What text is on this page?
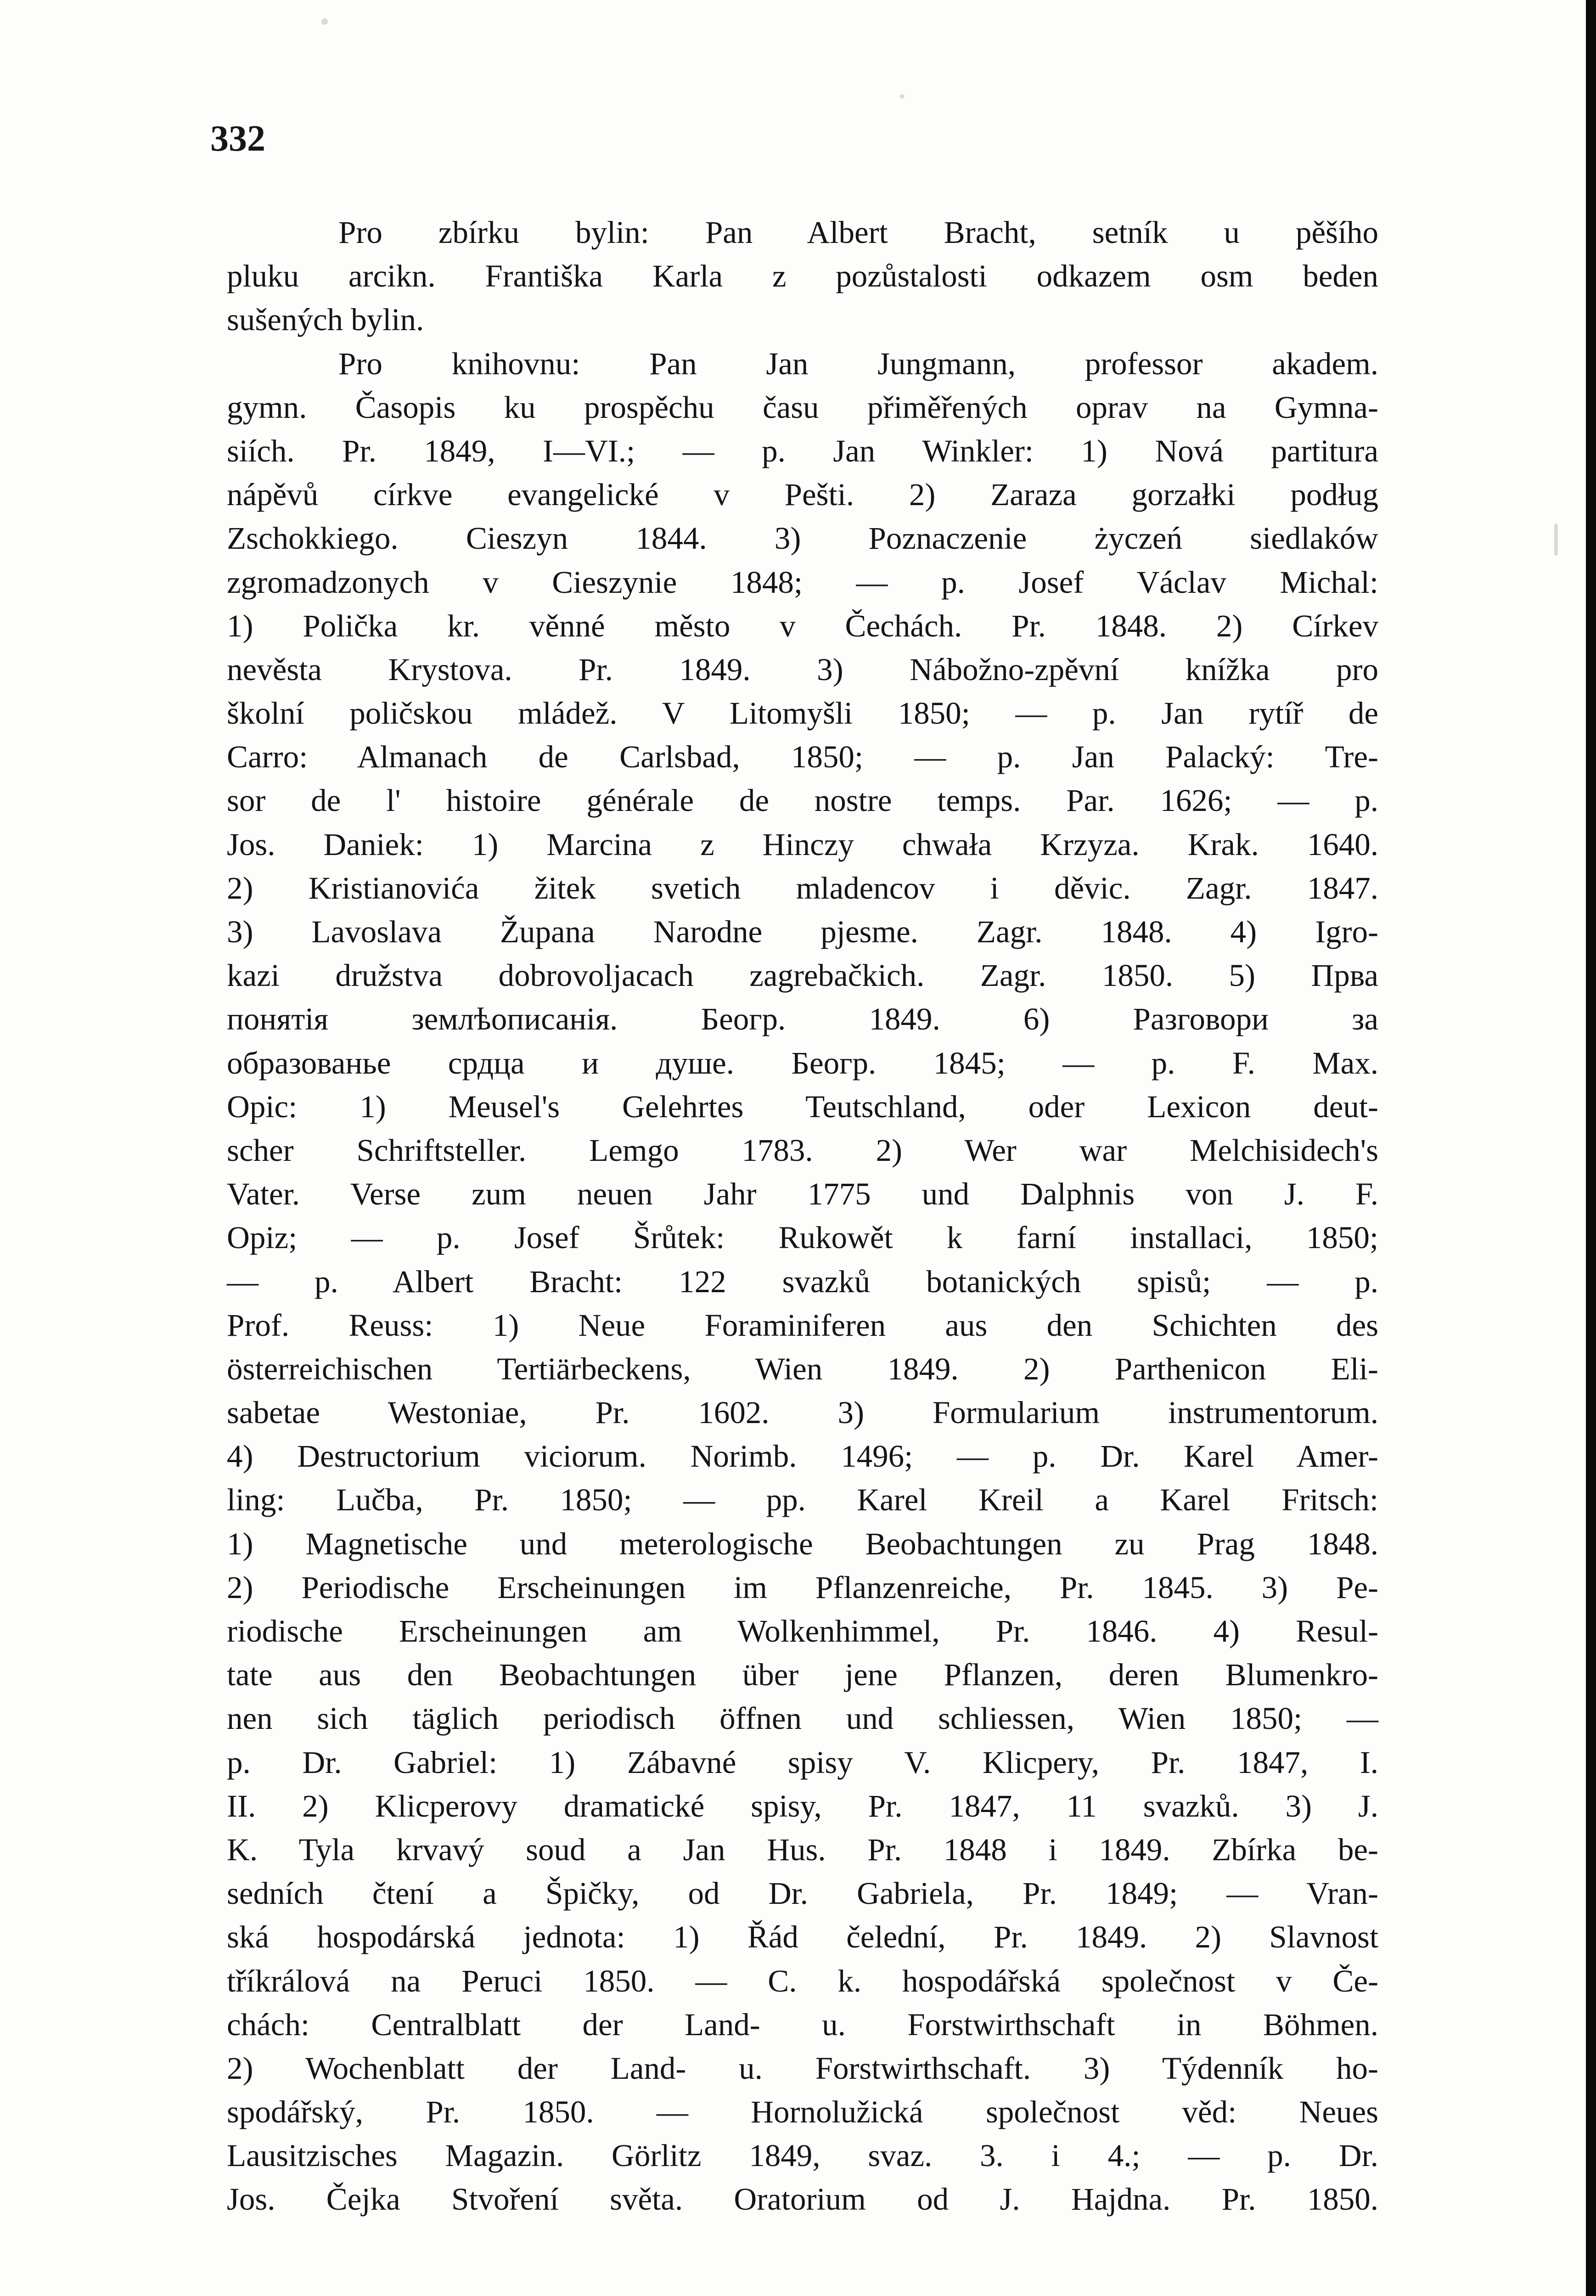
332
Pro zbírku bylin: Pan Albert Bracht, setník u pěšího
pluku arcikn. Františka Karla z pozůstalosti odkazem osm beden
sušených bylin.
Pro knihovnu: Pan Jan Jungmann, professor akadem.
gymn. Časopis ku prospěchu času přiměřených oprav na Gymna-
siích. Pr. 1849, I—VI.; — p. Jan Winkler: 1) Nová partitura
nápěvů církve evangelické v Pešti. 2) Zaraza gorzałki podług
Zschokkiego. Cieszyn 1844. 3) Poznaczenie życzeń siedlaków
zgromadzonych v Cieszynie 1848; — p. Josef Václav Michal:
1) Polička kr. věnné město v Čechách. Pr. 1848. 2) Církev
nevěsta Krystova. Pr. 1849. 3) Nábožno-zpěvní knížka pro
školní poličskou mládež. V Litomyšli 1850; — p. Jan rytíř de
Carro: Almanach de Carlsbad, 1850; — p. Jan Palacký: Tre-
sor de l' histoire générale de nostre temps. Par. 1626; — p.
Jos. Daniek: 1) Marcina z Hinczy chwała Krzyza. Krak. 1640.
2) Kristianovića žitek svetich mladencov i děvic. Zagr. 1847.
3) Lavoslava Župana Narodne pjesme. Zagr. 1848. 4) Igro-
kazi družstva dobrovoljacach zagrebačkich. Zagr. 1850. 5) Прва
понятія землѣописанія. Беогр. 1849. 6) Разговори за
образованье срдца и душе. Беогр. 1845; — p. F. Max.
Opic: 1) Meusel's Gelehrtes Teutschland, oder Lexicon deut-
scher Schriftsteller. Lemgo 1783. 2) Wer war Melchisidech's
Vater. Verse zum neuen Jahr 1775 und Dalphnis von J. F.
Opiz; — p. Josef Šrůtek: Rukowět k farní installaci, 1850;
— p. Albert Bracht: 122 svazků botanických spisů; — p.
Prof. Reuss: 1) Neue Foraminiferen aus den Schichten des
österreichischen Tertiärbeckens, Wien 1849. 2) Parthenicon Eli-
sabetae Westoniae, Pr. 1602. 3) Formularium instrumentorum.
4) Destructorium viciorum. Norimb. 1496; — p. Dr. Karel Amer-
ling: Lučba, Pr. 1850; — pp. Karel Kreil a Karel Fritsch:
1) Magnetische und meterologische Beobachtungen zu Prag 1848.
2) Periodische Erscheinungen im Pflanzenreiche, Pr. 1845. 3) Pe-
riodische Erscheinungen am Wolkenhimmel, Pr. 1846. 4) Resul-
tate aus den Beobachtungen über jene Pflanzen, deren Blumenkro-
nen sich täglich periodisch öffnen und schliessen, Wien 1850; —
p. Dr. Gabriel: 1) Zábavné spisy V. Klicpery, Pr. 1847, I.
II. 2) Klicperovy dramatické spisy, Pr. 1847, 11 svazků. 3) J.
K. Tyla krvavý soud a Jan Hus. Pr. 1848 i 1849. Zbírka be-
sedních čtení a Špičky, od Dr. Gabriela, Pr. 1849; — Vran-
ská hospodárská jednota: 1) Řád čelední, Pr. 1849. 2) Slavnost
tříkrálová na Peruci 1850. — C. k. hospodářská společnost v Če-
chách: Centralblatt der Land- u. Forstwirthschaft in Böhmen.
2) Wochenblatt der Land- u. Forstwirthschaft. 3) Týdenník ho-
spodářský, Pr. 1850. — Hornolužická společnost věd: Neues
Lausitzisches Magazin. Görlitz 1849, svaz. 3. i 4.; — p. Dr.
Jos. Čejka Stvoření světa. Oratorium od J. Hajdna. Pr. 1850.
